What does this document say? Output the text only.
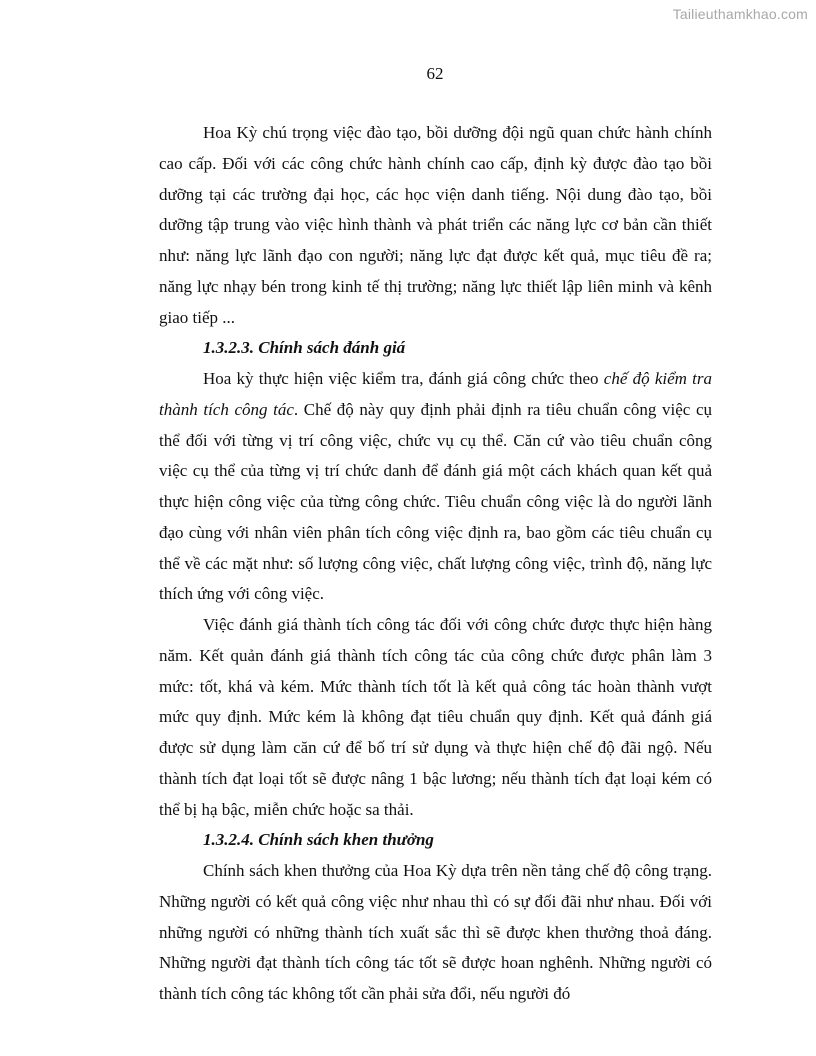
Tailieuthamkhao.com
62

Hoa Kỳ chú trọng việc đào tạo, bồi dưỡng đội ngũ quan chức hành chính cao cấp. Đối với các công chức hành chính cao cấp, định kỳ được đào tạo bồi dưỡng tại các trường đại học, các học viện danh tiếng. Nội dung đào tạo, bồi dưỡng tập trung vào việc hình thành và phát triển các năng lực cơ bản cần thiết như: năng lực lãnh đạo con người; năng lực đạt được kết quả, mục tiêu đề ra; năng lực nhạy bén trong kinh tế thị trường; năng lực thiết lập liên minh và kênh giao tiếp ...

1.3.2.3. Chính sách đánh giá

Hoa kỳ thực hiện việc kiểm tra, đánh giá công chức theo chế độ kiểm tra thành tích công tác. Chế độ này quy định phải định ra tiêu chuẩn công việc cụ thể đối với từng vị trí công việc, chức vụ cụ thể. Căn cứ vào tiêu chuẩn công việc cụ thể của từng vị trí chức danh để đánh giá một cách khách quan kết quả thực hiện công việc của từng công chức. Tiêu chuẩn công việc là do người lãnh đạo cùng với nhân viên phân tích công việc định ra, bao gồm các tiêu chuẩn cụ thể về các mặt như: số lượng công việc, chất lượng công việc, trình độ, năng lực thích ứng với công việc.

Việc đánh giá thành tích công tác đối với công chức được thực hiện hàng năm. Kết quản đánh giá thành tích công tác của công chức được phân làm 3 mức: tốt, khá và kém. Mức thành tích tốt là kết quả công tác hoàn thành vượt mức quy định. Mức kém là không đạt tiêu chuẩn quy định. Kết quả đánh giá được sử dụng làm căn cứ để bố trí sử dụng và thực hiện chế độ đãi ngộ. Nếu thành tích đạt loại tốt sẽ được nâng 1 bậc lương; nếu thành tích đạt loại kém có thể bị hạ bậc, miễn chức hoặc sa thải.

1.3.2.4. Chính sách khen thưởng

Chính sách khen thưởng của Hoa Kỳ dựa trên nền tảng chế độ công trạng. Những người có kết quả công việc như nhau thì có sự đối đãi như nhau. Đối với những người có những thành tích xuất sắc thì sẽ được khen thưởng thoả đáng. Những người đạt thành tích công tác tốt sẽ được hoan nghênh. Những người có thành tích công tác không tốt cần phải sửa đổi, nếu người đó
